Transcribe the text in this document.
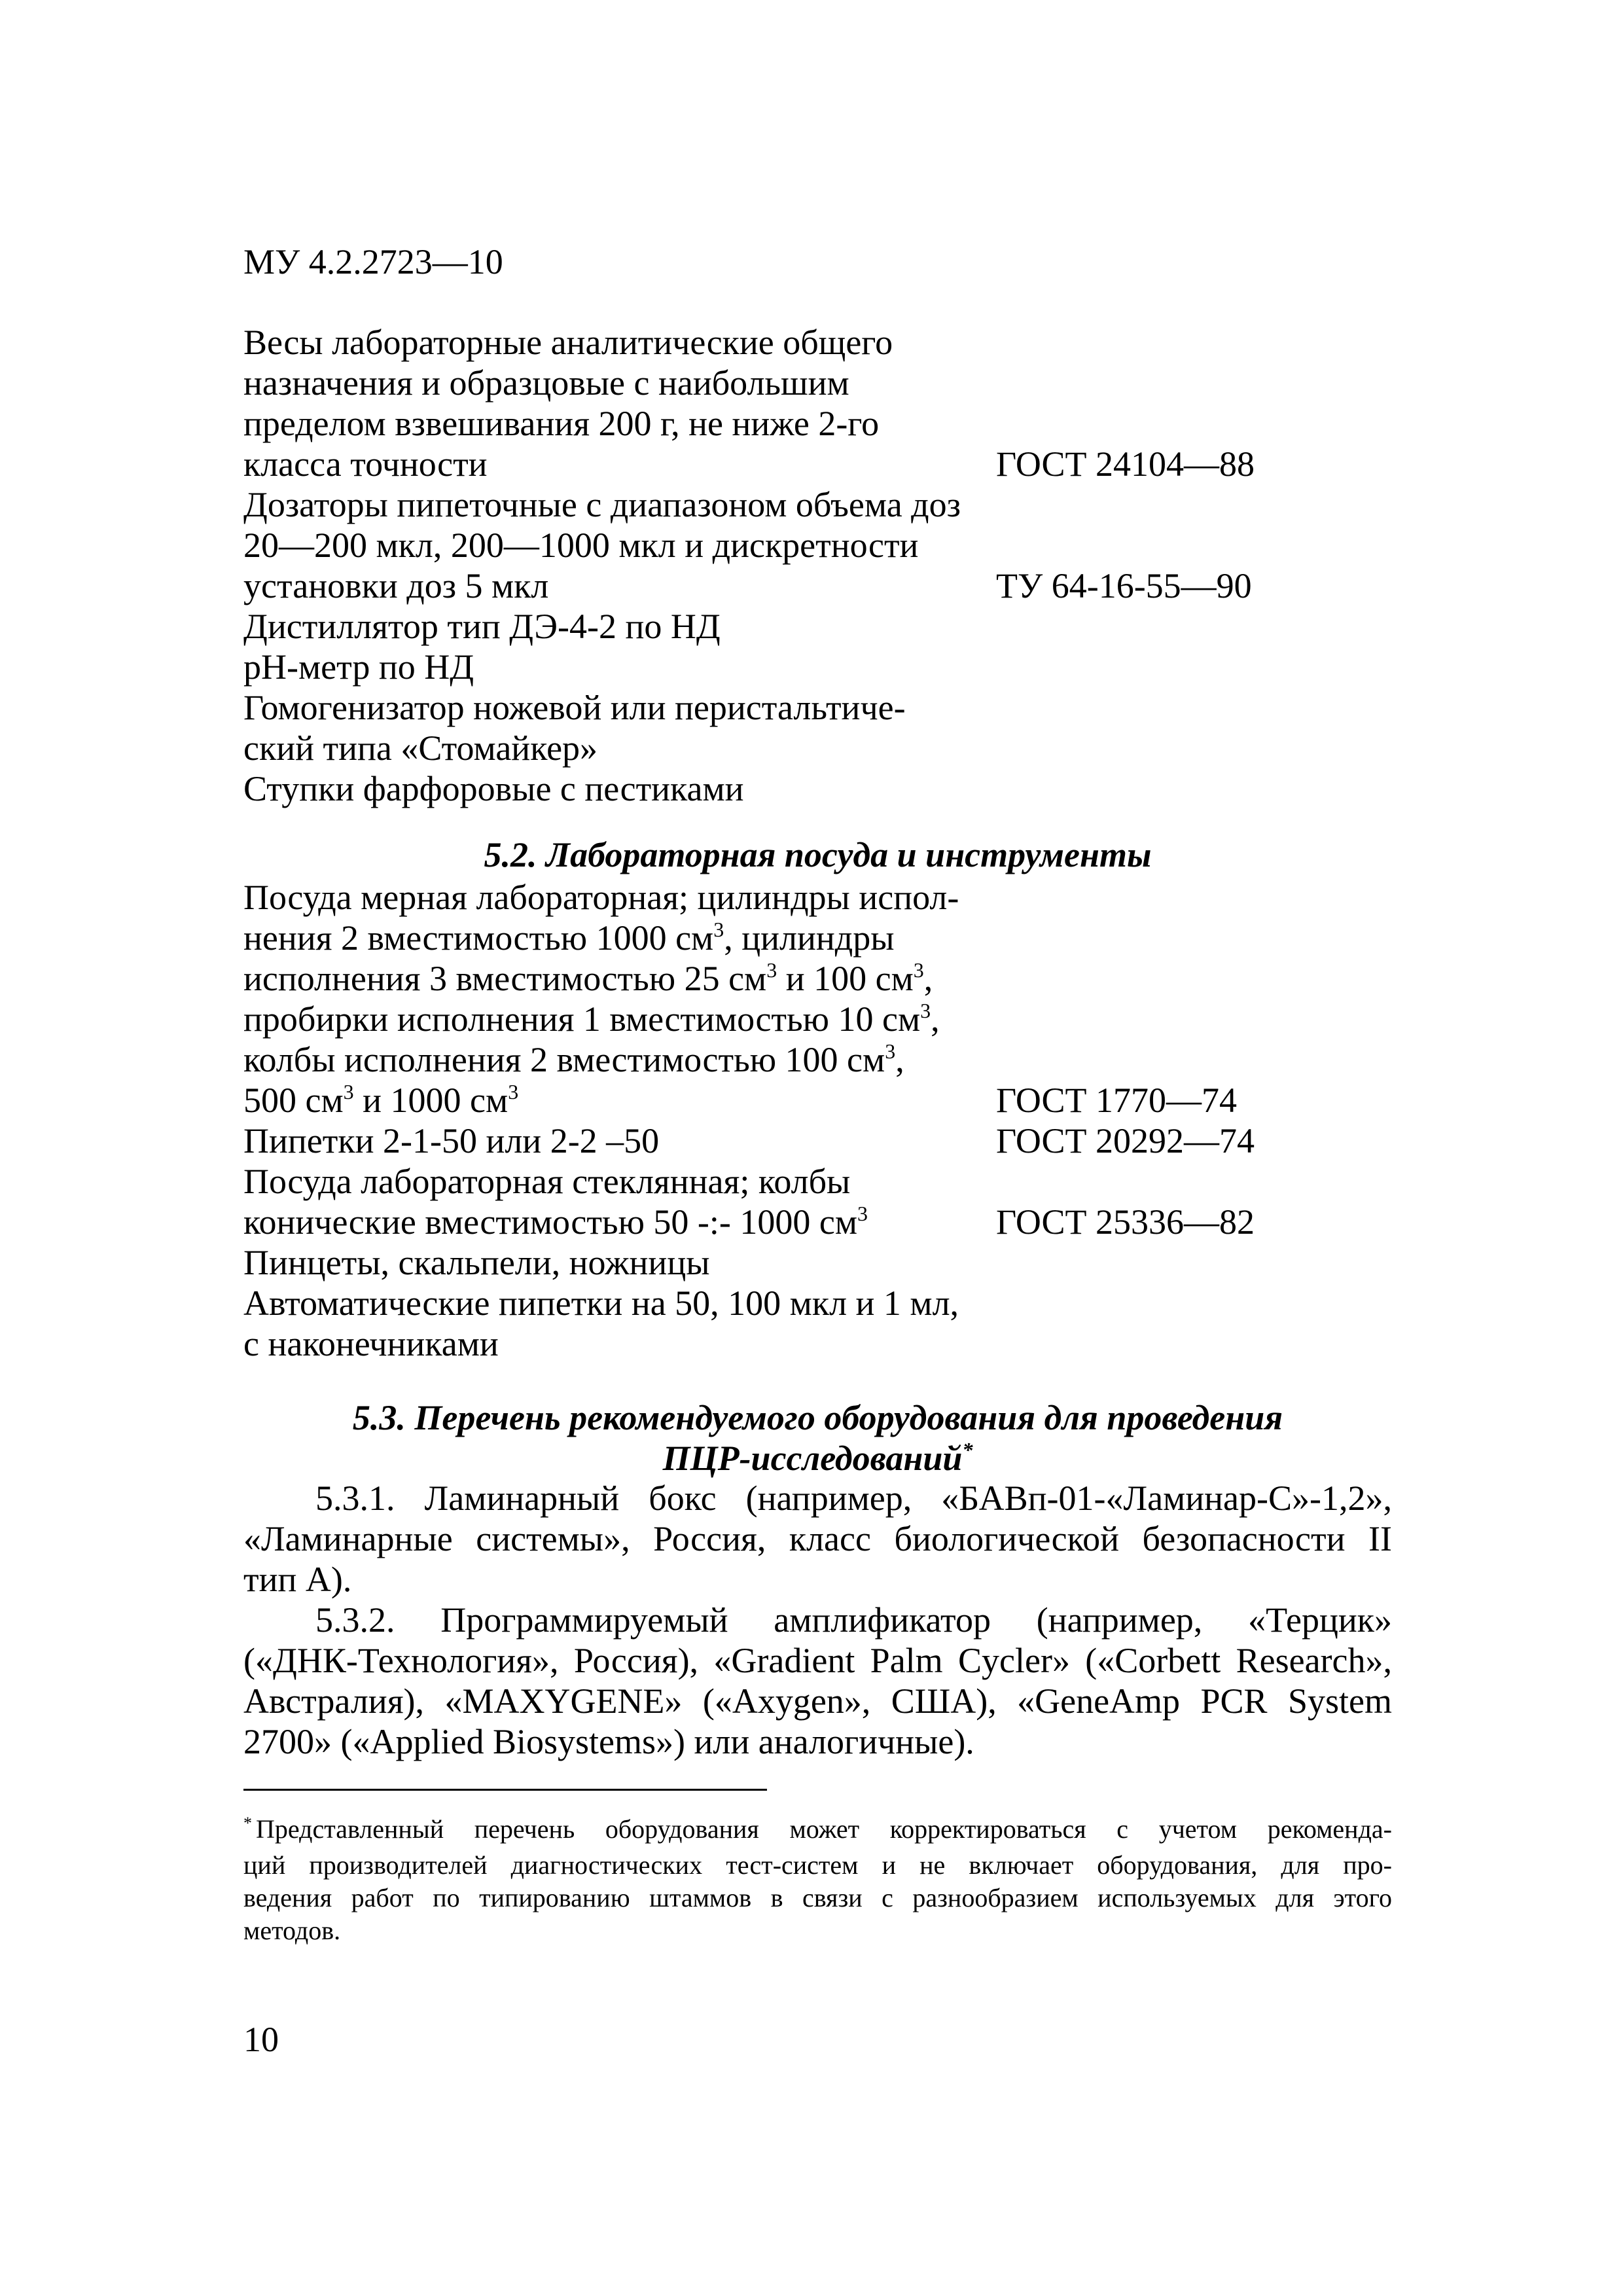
МУ 4.2.2723—10
Весы лабораторные аналитические общего
назначения и образцовые с наибольшим
пределом взвешивания 200 г, не ниже 2-го
класса точности	ГОСТ 24104—88
Дозаторы пипеточные с диапазоном объема доз
20—200 мкл, 200—1000 мкл и дискретности
установки доз 5 мкл	ТУ 64-16-55—90
Дистиллятор тип ДЭ-4-2 по НД
pH-метр по НД
Гомогенизатор ножевой или перистальтиче-
ский типа «Стомайкер»
Ступки фарфоровые с пестиками
5.2. Лабораторная посуда и инструменты
Посуда мерная лабораторная; цилиндры испол-
нения 2 вместимостью 1000 $см^3$, цилиндры
исполнения 3 вместимостью 25 $см^3$ и 100 $см^3$,
пробирки исполнения 1 вместимостью 10 $см^3$,
колбы исполнения 2 вместимостью 100 $см^3$,
500 $см^3$ и 1000 $см^3$	ГОСТ 1770—74
Пипетки 2-1-50 или 2-2 –50	ГОСТ 20292—74
Посуда лабораторная стеклянная; колбы
конические вместимостью 50 -:- 1000 $см^3$	ГОСТ 25336—82
Пинцеты, скальпели, ножницы
Автоматические пипетки на 50, 100 мкл и 1 мл,
с наконечниками
5.3. Перечень рекомендуемого оборудования для проведения
ПЦР-исследований*
5.3.1. Ламинарный бокс (например, «БАВп-01-«Ламинар-С»-1,2»,
«Ламинарные системы», Россия, класс биологической безопасности II
тип А).
5.3.2. Программируемый амплификатор (например, «Терцик»
(«ДНК-Технология», Россия), «Gradient Palm Cycler» («Corbett Research»,
Австралия), «MAXYGENE» («Axygen», США), «GeneAmp PCR System
2700» («Applied Biosystems») или аналогичные).
* Представленный перечень оборудования может корректироваться с учетом рекоменда-
ций производителей диагностических тест-систем и не включает оборудования, для про-
ведения работ по типированию штаммов в связи с разнообразием используемых для этого
методов.
10
